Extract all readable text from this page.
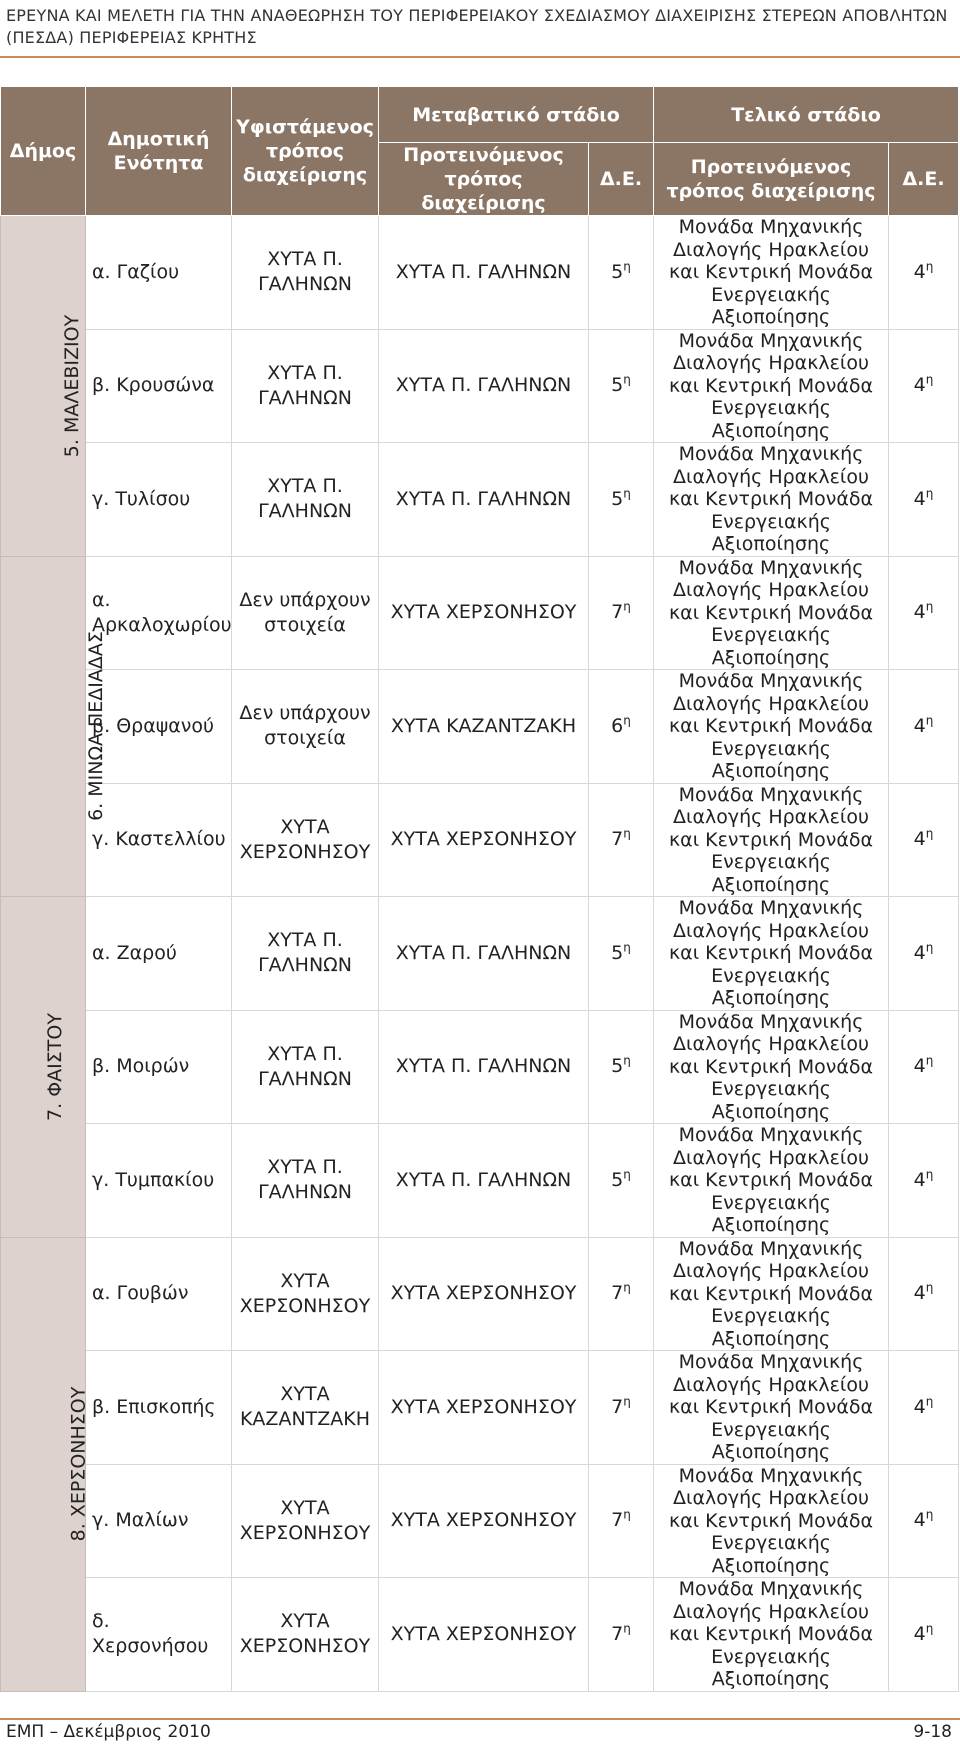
ΕΡΕΥΝΑ ΚΑΙ ΜΕΛΕΤΗ ΓΙΑ ΤΗΝ ΑΝΑΘΕΩΡΗΣΗ ΤΟΥ ΠΕΡΙΦΕΡΕΙΑΚΟΥ ΣΧΕΔΙΑΣΜΟΥ ΔΙΑΧΕΙΡΙΣΗΣ ΣΤΕΡΕΩΝ ΑΠΟΒΛΗΤΩΝ (ΠΕΣΔΑ) ΠΕΡΙΦΕΡΕΙΑΣ ΚΡΗΤΗΣ
Δήμος	Δημοτική Ενότητα	Υφιστάμενος τρόπος διαχείρισης	Μεταβατικό στάδιο		Τελικό στάδιο	
			Προτεινόμενος τρόπος διαχείρισης	Δ.Ε.	Προτεινόμενος τρόπος διαχείρισης	Δ.Ε.
5. ΜΑΛΕΒΙΖΙΟΥ	α. Γαζίου	ΧΥΤΑ Π. ΓΑΛΗΝΩΝ	ΧΥΤΑ Π. ΓΑΛΗΝΩΝ	$5^\eta$	Μονάδα Μηχανικής Διαλογής Ηρακλείου και Κεντρική Μονάδα Ενεργειακής Αξιοποίησης	$4^\eta$
	β. Κρουσώνα	ΧΥΤΑ Π. ΓΑΛΗΝΩΝ	ΧΥΤΑ Π. ΓΑΛΗΝΩΝ	$5^\eta$	Μονάδα Μηχανικής Διαλογής Ηρακλείου και Κεντρική Μονάδα Ενεργειακής Αξιοποίησης	$4^\eta$
	γ. Τυλίσου	ΧΥΤΑ Π. ΓΑΛΗΝΩΝ	ΧΥΤΑ Π. ΓΑΛΗΝΩΝ	$5^\eta$	Μονάδα Μηχανικής Διαλογής Ηρακλείου και Κεντρική Μονάδα Ενεργειακής Αξιοποίησης	$4^\eta$
6. ΜΙΝΩΑ ΠΕΔΙΑΔΑΣ	α. Αρκαλοχωρίου	Δεν υπάρχουν στοιχεία	ΧΥΤΑ ΧΕΡΣΟΝΗΣΟΥ	$7^\eta$	Μονάδα Μηχανικής Διαλογής Ηρακλείου και Κεντρική Μονάδα Ενεργειακής Αξιοποίησης	$4^\eta$
	β. Θραψανού	Δεν υπάρχουν στοιχεία	ΧΥΤΑ ΚΑΖΑΝΤΖΑΚΗ	$6^\eta$	Μονάδα Μηχανικής Διαλογής Ηρακλείου και Κεντρική Μονάδα Ενεργειακής Αξιοποίησης	$4^\eta$
	γ. Καστελλίου	ΧΥΤΑ ΧΕΡΣΟΝΗΣΟΥ	ΧΥΤΑ ΧΕΡΣΟΝΗΣΟΥ	$7^\eta$	Μονάδα Μηχανικής Διαλογής Ηρακλείου και Κεντρική Μονάδα Ενεργειακής Αξιοποίησης	$4^\eta$
7. ΦΑΙΣΤΟΥ	α. Ζαρού	ΧΥΤΑ Π. ΓΑΛΗΝΩΝ	ΧΥΤΑ Π. ΓΑΛΗΝΩΝ	$5^\eta$	Μονάδα Μηχανικής Διαλογής Ηρακλείου και Κεντρική Μονάδα Ενεργειακής Αξιοποίησης	$4^\eta$
	β. Μοιρών	ΧΥΤΑ Π. ΓΑΛΗΝΩΝ	ΧΥΤΑ Π. ΓΑΛΗΝΩΝ	$5^\eta$	Μονάδα Μηχανικής Διαλογής Ηρακλείου και Κεντρική Μονάδα Ενεργειακής Αξιοποίησης	$4^\eta$
	γ. Τυμπακίου	ΧΥΤΑ Π. ΓΑΛΗΝΩΝ	ΧΥΤΑ Π. ΓΑΛΗΝΩΝ	$5^\eta$	Μονάδα Μηχανικής Διαλογής Ηρακλείου και Κεντρική Μονάδα Ενεργειακής Αξιοποίησης	$4^\eta$
8. ΧΕΡΣΟΝΗΣΟΥ	α. Γουβών	ΧΥΤΑ ΧΕΡΣΟΝΗΣΟΥ	ΧΥΤΑ ΧΕΡΣΟΝΗΣΟΥ	$7^\eta$	Μονάδα Μηχανικής Διαλογής Ηρακλείου και Κεντρική Μονάδα Ενεργειακής Αξιοποίησης	$4^\eta$
	β. Επισκοπής	ΧΥΤΑ ΚΑΖΑΝΤΖΑΚΗ	ΧΥΤΑ ΧΕΡΣΟΝΗΣΟΥ	$7^\eta$	Μονάδα Μηχανικής Διαλογής Ηρακλείου και Κεντρική Μονάδα Ενεργειακής Αξιοποίησης	$4^\eta$
	γ. Μαλίων	ΧΥΤΑ ΧΕΡΣΟΝΗΣΟΥ	ΧΥΤΑ ΧΕΡΣΟΝΗΣΟΥ	$7^\eta$	Μονάδα Μηχανικής Διαλογής Ηρακλείου και Κεντρική Μονάδα Ενεργειακής Αξιοποίησης	$4^\eta$
	δ. Χερσονήσου	ΧΥΤΑ ΧΕΡΣΟΝΗΣΟΥ	ΧΥΤΑ ΧΕΡΣΟΝΗΣΟΥ	$7^\eta$	Μονάδα Μηχανικής Διαλογής Ηρακλείου και Κεντρική Μονάδα Ενεργειακής Αξιοποίησης	$4^\eta$
ΕΜΠ – Δεκέμβριος 2010	9-18
